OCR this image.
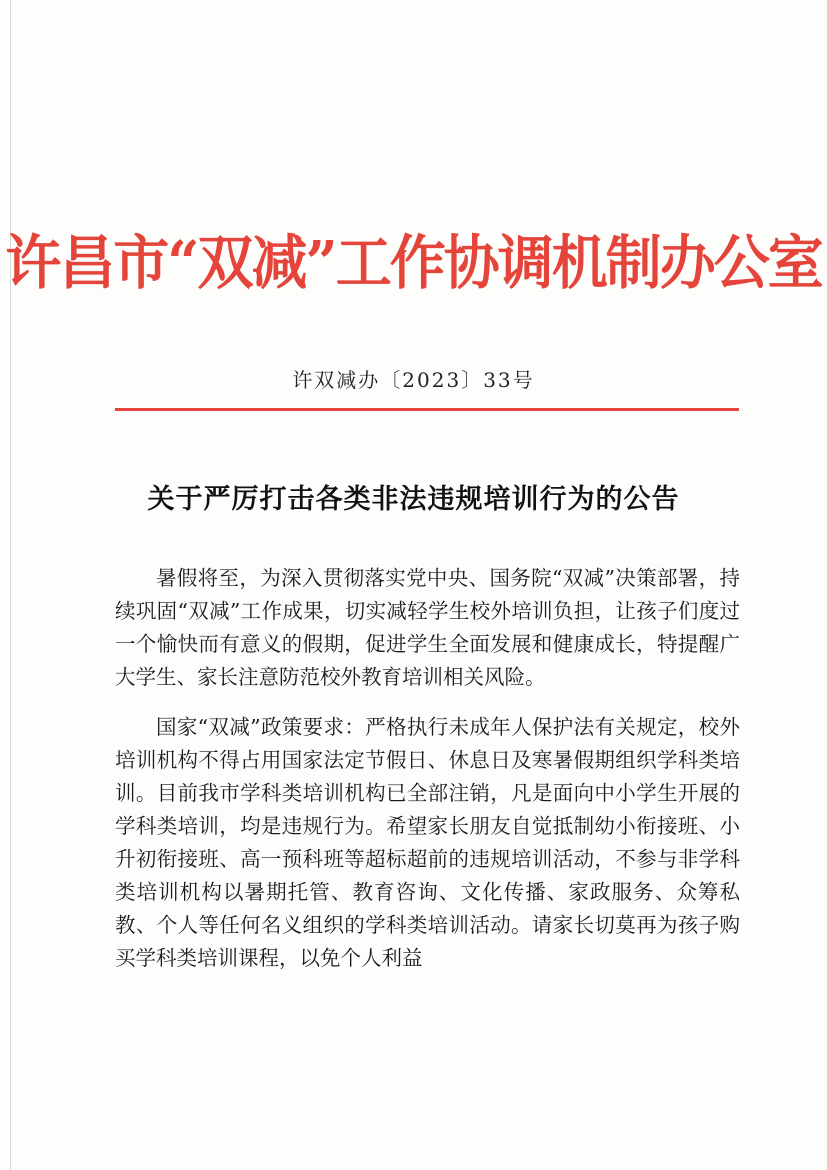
许昌市“双减”工作协调机制办公室
许双减办〔2023〕33号
关于严厉打击各类非法违规培训行为的公告

暑假将至，为深入贯彻落实党中央、国务院“双减”决策部署，持续巩固“双减”工作成果，切实减轻学生校外培训负担，让孩子们度过一个愉快而有意义的假期，促进学生全面发展和健康成长，特提醒广大学生、家长注意防范校外教育培训相关风险。

国家“双减”政策要求：严格执行未成年人保护法有关规定，校外培训机构不得占用国家法定节假日、休息日及寒暑假期组织学科类培训。目前我市学科类培训机构已全部注销，凡是面向中小学生开展的学科类培训，均是违规行为。希望家长朋友自觉抵制幼小衔接班、小升初衔接班、高一预科班等超标超前的违规培训活动，不参与非学科类培训机构以暑期托管、教育咨询、文化传播、家政服务、众筹私教、个人等任何名义组织的学科类培训活动。请家长切莫再为孩子购买学科类培训课程，以免个人利益
